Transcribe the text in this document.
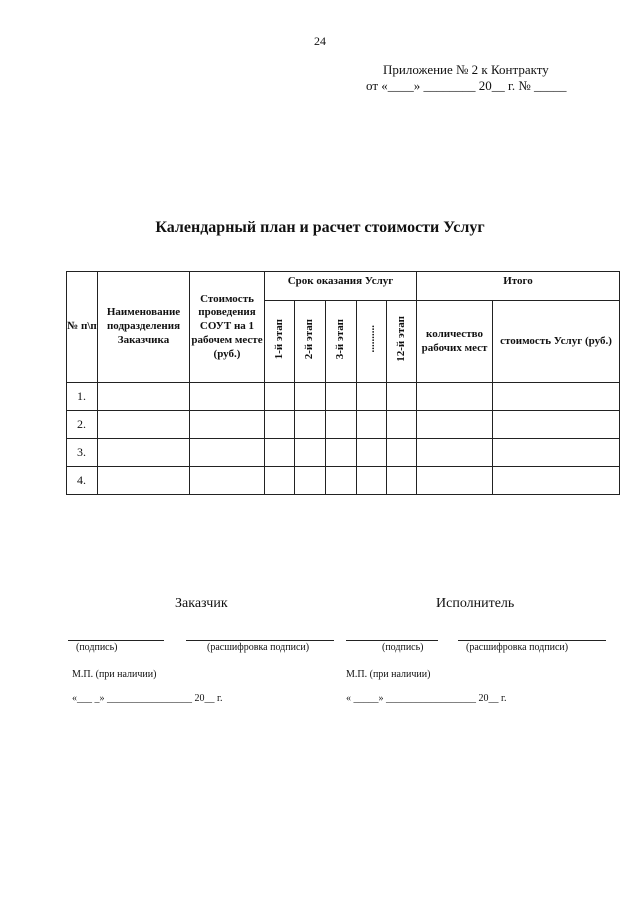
24
Приложение № 2 к Контракту
от «____» ________ 20__ г. № _____
Календарный план и расчет стоимости Услуг
№ п\п	Наименование подразделения Заказчика	Стоимость проведения СОУТ на 1 рабочем месте (руб.)	Срок оказания Услуг					Итого	
			1-й этап	2-й этап	3-й этап	..........	12-й этап	количество рабочих мест	стоимость Услуг (руб.)
1.									
2.									
3.									
4.									
Заказчик
(подпись)	(расшифровка подписи)
М.П. (при наличии)
«___ _» _________________ 20__ г.
Исполнитель
(подпись)	(расшифровка подписи)
М.П. (при наличии)
« _____» __________________ 20__ г.
